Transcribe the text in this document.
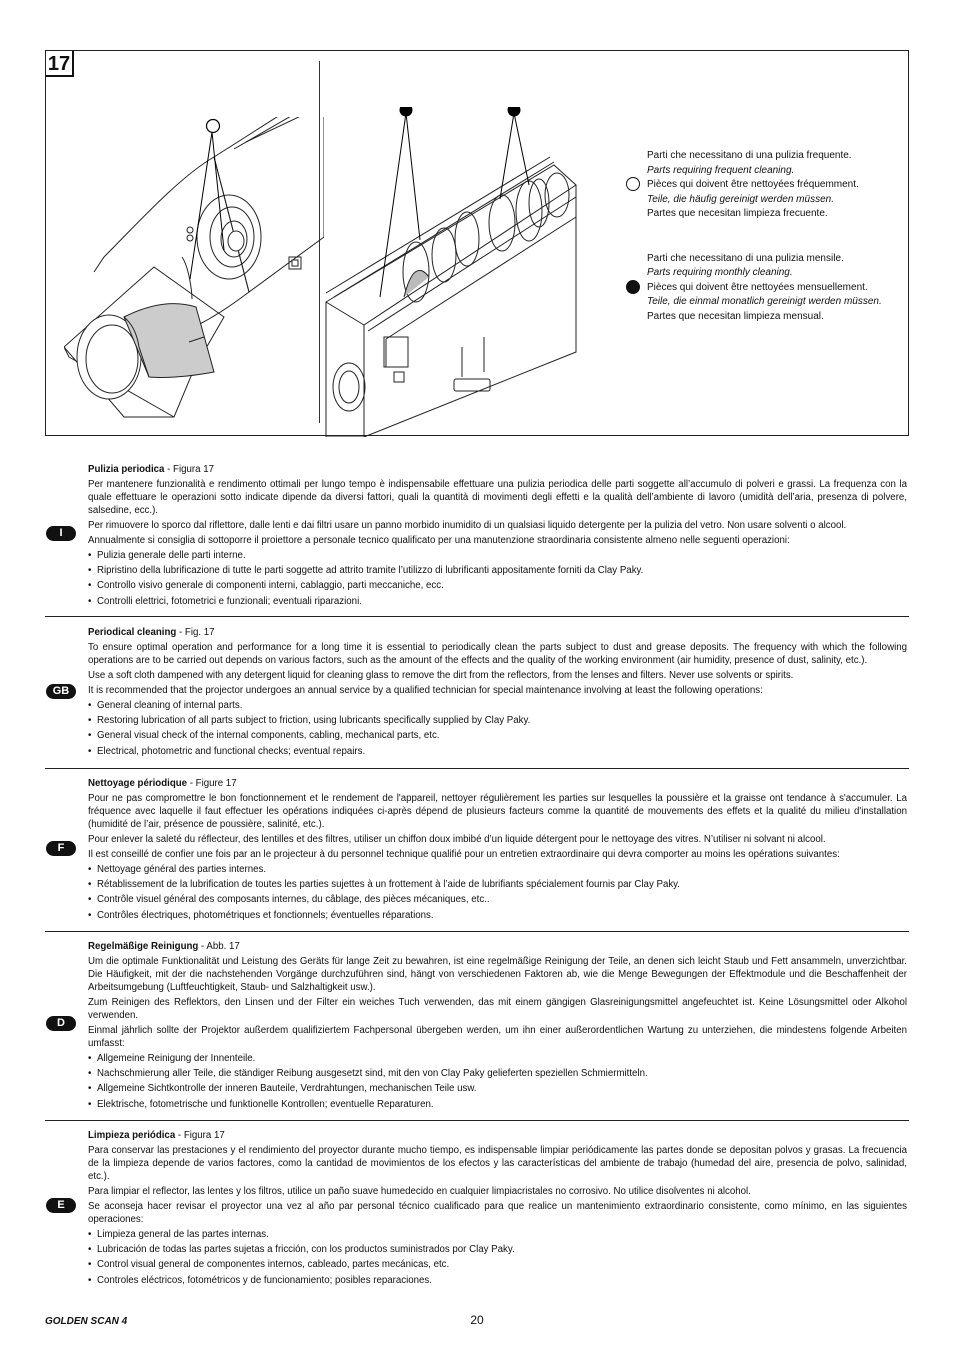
17
Parti che necessitano di una pulizia frequente.
Parts requiring frequent cleaning.
Pièces qui doivent être nettoyées fréquemment.
Teile, die häufig gereinigt werden müssen.
Partes que necesitan limpieza frecuente.
Parti che necessitano di una pulizia mensile.
Parts requiring monthly cleaning.
Pièces qui doivent être nettoyées mensuellement.
Teile, die einmal monatlich gereinigt werden müssen.
Partes que necesitan limpieza mensual.
I
Pulizia periodica - Figura 17

Per mantenere funzionalità e rendimento ottimali per lungo tempo è indispensabile effettuare una pulizia periodica delle parti soggette all’accumulo di polveri e grassi. La frequenza con la quale effettuare le operazioni sotto indicate dipende da diversi fattori, quali la quantità di movimenti degli effetti e la qualità dell’ambiente di lavoro (umidità dell’aria, presenza di polvere, salsedine, ecc.).

Per rimuovere lo sporco dal riflettore, dalle lenti e dai filtri usare un panno morbido inumidito di un qualsiasi liquido detergente per la pulizia del vetro. Non usare solventi o alcool.

Annualmente si consiglia di sottoporre il proiettore a personale tecnico qualificato per una manutenzione straordinaria consistente almeno nelle seguenti operazioni:

• Pulizia generale delle parti interne.
• Ripristino della lubrificazione di tutte le parti soggette ad attrito tramite l’utilizzo di lubrificanti appositamente forniti da Clay Paky.
• Controllo visivo generale di componenti interni, cablaggio, parti meccaniche, ecc.
• Controlli elettrici, fotometrici e funzionali; eventuali riparazioni.
GB
Periodical cleaning - Fig. 17

To ensure optimal operation and performance for a long time it is essential to periodically clean the parts subject to dust and grease deposits. The frequency with which the following operations are to be carried out depends on various factors, such as the amount of the effects and the quality of the working environment (air humidity, presence of dust, salinity, etc.).

Use a soft cloth dampened with any detergent liquid for cleaning glass to remove the dirt from the reflectors, from the lenses and filters. Never use solvents or spirits.

It is recommended that the projector undergoes an annual service by a qualified technician for special maintenance involving at least the following operations:

• General cleaning of internal parts.
• Restoring lubrication of all parts subject to friction, using lubricants specifically supplied by Clay Paky.
• General visual check of the internal components, cabling, mechanical parts, etc.
• Electrical, photometric and functional checks; eventual repairs.
F
Nettoyage périodique - Figure 17

Pour ne pas compromettre le bon fonctionnement et le rendement de l'appareil, nettoyer régulièrement les parties sur lesquelles la poussière et la graisse ont tendance à s'accumuler. La fréquence avec laquelle il faut effectuer les opérations indiquées ci-après dépend de plusieurs facteurs comme la quantité de mouvements des effets et la qualité du milieu d'installation (humidité de l’air, présence de poussière, salinité, etc.).

Pour enlever la saleté du réflecteur, des lentilles et des filtres, utiliser un chiffon doux imbibé d’un liquide détergent pour le nettoyage des vitres. N’utiliser ni solvant ni alcool.

Il est conseillé de confier une fois par an le projecteur à du personnel technique qualifié pour un entretien extraordinaire qui devra comporter au moins les opérations suivantes:

• Nettoyage général des parties internes.
• Rétablissement de la lubrification de toutes les parties sujettes à un frottement à l’aide de lubrifiants spécialement fournis par Clay Paky.
• Contrôle visuel général des composants internes, du câblage, des pièces mécaniques, etc..
• Contrôles électriques, photométriques et fonctionnels; éventuelles réparations.
D
Regelmäßige Reinigung - Abb. 17

Um die optimale Funktionalität und Leistung des Geräts für lange Zeit zu bewahren, ist eine regelmäßige Reinigung der Teile, an denen sich leicht Staub und Fett ansammeln, unverzichtbar. Die Häufigkeit, mit der die nachstehenden Vorgänge durchzuführen sind, hängt von verschiedenen Faktoren ab, wie die Menge Bewegungen der Effektmodule und die Beschaffenheit der Arbeitsumgebung (Luftfeuchtigkeit, Staub- und Salzhaltigkeit usw.).

Zum Reinigen des Reflektors, den Linsen und der Filter ein weiches Tuch verwenden, das mit einem gängigen Glasreinigungsmittel angefeuchtet ist. Keine Lösungsmittel oder Alkohol verwenden.

Einmal jährlich sollte der Projektor außerdem qualifiziertem Fachpersonal übergeben werden, um ihn einer außerordentlichen Wartung zu unterziehen, die mindestens folgende Arbeiten umfasst:

• Allgemeine Reinigung der Innenteile.
• Nachschmierung aller Teile, die ständiger Reibung ausgesetzt sind, mit den von Clay Paky gelieferten speziellen Schmiermitteln.
• Allgemeine Sichtkontrolle der inneren Bauteile, Verdrahtungen, mechanischen Teile usw.
• Elektrische, fotometrische und funktionelle Kontrollen; eventuelle Reparaturen.
E
Limpieza periódica - Figura 17

Para conservar las prestaciones y el rendimiento del proyector durante mucho tiempo, es indispensable limpiar periódicamente las partes donde se depositan polvos y grasas. La frecuencia de la limpieza depende de varios factores, como la cantidad de movimientos de los efectos y las características del ambiente de trabajo (humedad del aire, presencia de polvo, salinidad, etc.).

Para limpiar el reflector, las lentes y los filtros, utilice un paño suave humedecido en cualquier limpiacristales no corrosivo. No utilice disolventes ni alcohol.

Se aconseja hacer revisar el proyector una vez al año par personal técnico cualificado para que realice un mantenimiento extraordinario consistente, como mínimo, en las siguientes operaciones:

• Limpieza general de las partes internas.
• Lubricación de todas las partes sujetas a fricción, con los productos suministrados por Clay Paky.
• Control visual general de componentes internos, cableado, partes mecánicas, etc.
• Controles eléctricos, fotométricos y de funcionamiento; posibles reparaciones.
GOLDEN SCAN 4	20
